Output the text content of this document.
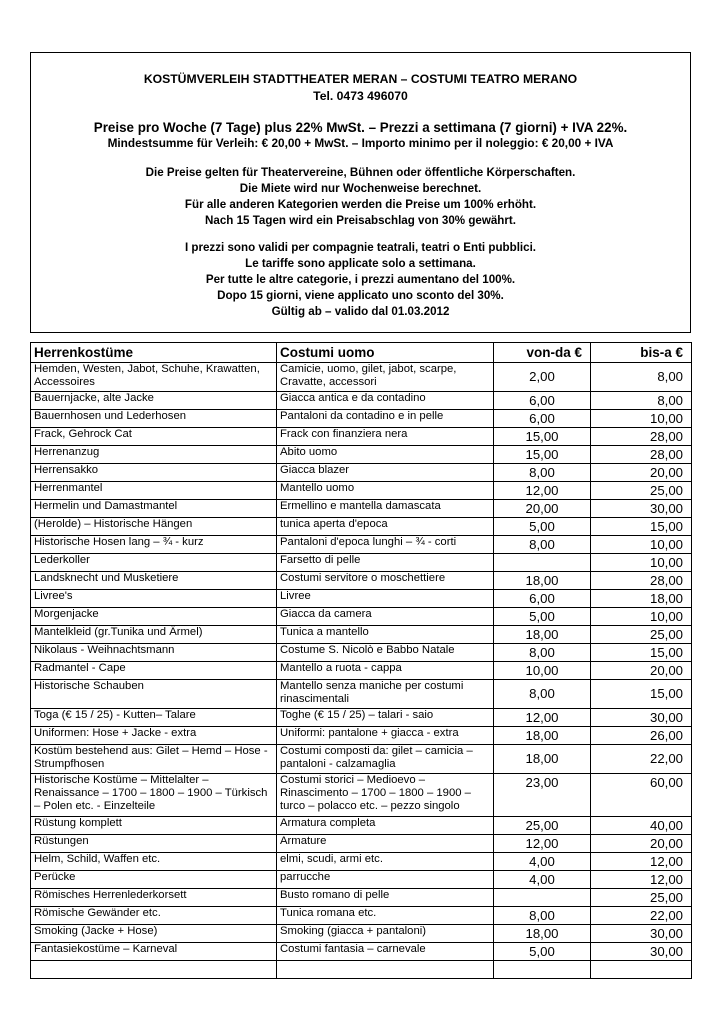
KOSTÜMVERLEIH STADTTHEATER MERAN – COSTUMI TEATRO MERANO
Tel. 0473 496070
Preise pro Woche (7 Tage) plus 22% MwSt. – Prezzi a settimana (7 giorni) + IVA 22%.
Mindestsumme für Verleih: € 20,00 + MwSt. – Importo minimo per il noleggio: € 20,00 + IVA
Die Preise gelten für Theatervereine, Bühnen oder öffentliche Körperschaften.
Die Miete wird nur Wochenweise berechnet.
Für alle anderen Kategorien werden die Preise um 100% erhöht.
Nach 15 Tagen wird ein Preisabschlag von 30% gewährt.
I prezzi sono validi per compagnie teatrali, teatri o Enti pubblici.
Le tariffe sono applicate solo a settimana.
Per tutte le altre categorie, i prezzi aumentano del 100%.
Dopo 15 giorni, viene applicato uno sconto del 30%.
Gültig ab – valido dal 01.03.2012
Herrenkostüme	Costumi uomo	von-da €	bis-a €
Hemden, Westen, Jabot, Schuhe, Krawatten, Accessoires	Camicie, uomo, gilet, jabot, scarpe, Cravatte, accessori	2,00	8,00
Bauernjacke, alte Jacke	Giacca antica e da contadino	6,00	8,00
Bauernhosen und Lederhosen	Pantaloni da contadino e in pelle	6,00	10,00
Frack, Gehrock Cat	Frack con finanziera nera	15,00	28,00
Herrenanzug	Abito uomo	15,00	28,00
Herrensakko	Giacca blazer	8,00	20,00
Herrenmantel	Mantello uomo	12,00	25,00
Hermelin und Damastmantel	Ermellino e mantella damascata	20,00	30,00
(Herolde) – Historische Hängen	tunica aperta d'epoca	5,00	15,00
Historische Hosen lang – ¾ - kurz	Pantaloni d'epoca lunghi – ¾ - corti	8,00	10,00
Lederkoller	Farsetto di pelle		10,00
Landsknecht und Musketiere	Costumi servitore o moschettiere	18,00	28,00
Livree's	Livree	6,00	18,00
Morgenjacke	Giacca da camera	5,00	10,00
Mantelkleid (gr.Tunika und Ärmel)	Tunica a mantello	18,00	25,00
Nikolaus - Weihnachtsmann	Costume S. Nicolò e Babbo Natale	8,00	15,00
Radmantel - Cape	Mantello a ruota - cappa	10,00	20,00
Historische Schauben	Mantello senza maniche per costumi rinascimentali	8,00	15,00
Toga (€ 15 / 25) - Kutten– Talare	Toghe (€ 15 / 25) – talari - saio	12,00	30,00
Uniformen: Hose + Jacke - extra	Uniformi: pantalone + giacca - extra	18,00	26,00
Kostüm bestehend aus: Gilet – Hemd – Hose - Strumpfhosen	Costumi composti da: gilet – camicia – pantaloni - calzamaglia	18,00	22,00
Historische Kostüme – Mittelalter – Renaissance – 1700 – 1800 – 1900 – Türkisch – Polen etc. - Einzelteile	Costumi storici – Medioevo – Rinascimento – 1700 – 1800 – 1900 – turco – polacco etc. – pezzo singolo	23,00	60,00
Rüstung komplett	Armatura completa	25,00	40,00
Rüstungen	Armature	12,00	20,00
Helm, Schild, Waffen etc.	elmi, scudi, armi etc.	4,00	12,00
Perücke	parrucche	4,00	12,00
Römisches Herrenlederkorsett	Busto romano di pelle		25,00
Römische Gewänder etc.	Tunica romana etc.	8,00	22,00
Smoking (Jacke + Hose)	Smoking (giacca + pantaloni)	18,00	30,00
Fantasiekostüme – Karneval	Costumi fantasia – carnevale	5,00	30,00
